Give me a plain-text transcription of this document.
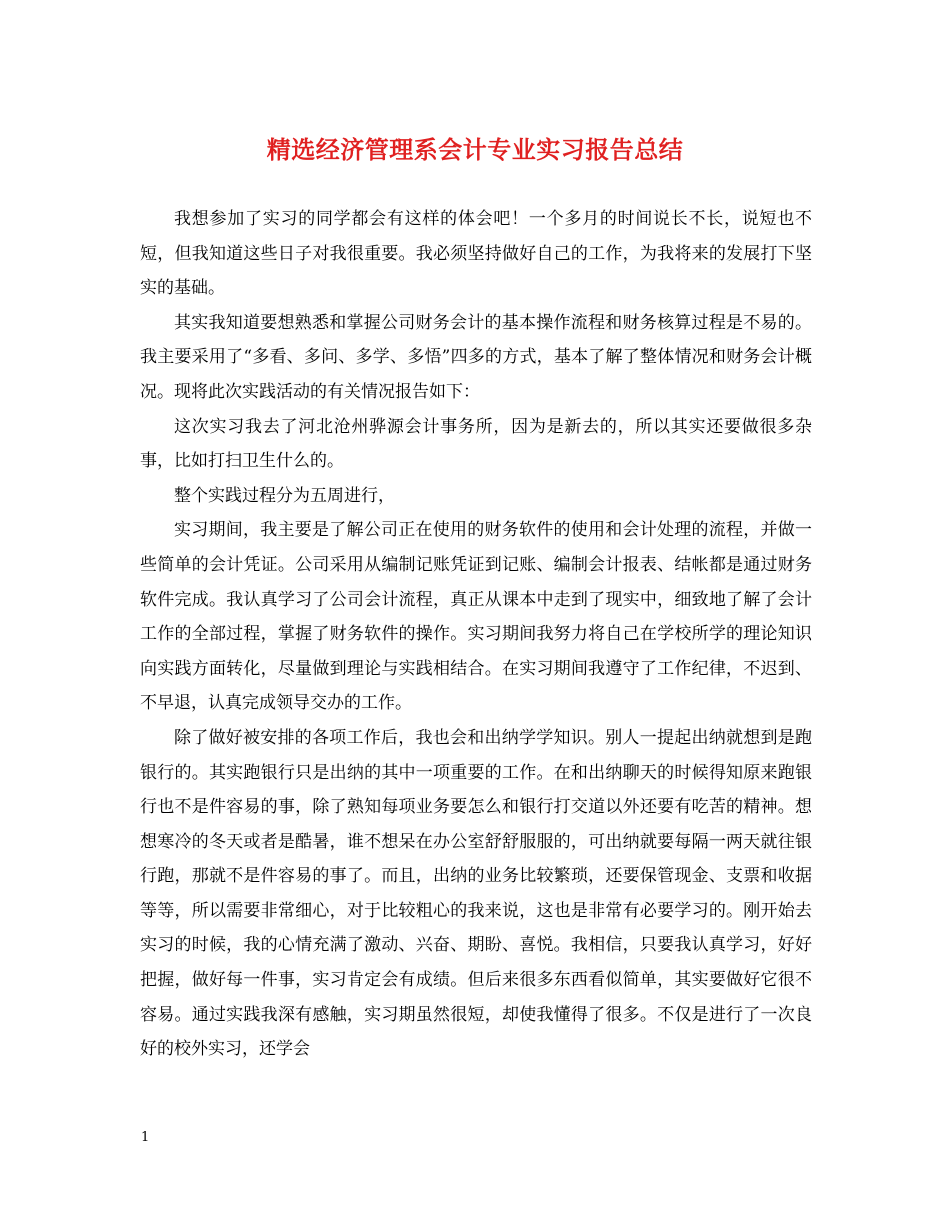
精选经济管理系会计专业实习报告总结

我想参加了实习的同学都会有这样的体会吧！一个多月的时间说长不长，说短也不短，但我知道这些日子对我很重要。我必须坚持做好自己的工作，为我将来的发展打下坚实的基础。

其实我知道要想熟悉和掌握公司财务会计的基本操作流程和财务核算过程是不易的。我主要采用了“多看、多问、多学、多悟”四多的方式，基本了解了整体情况和财务会计概况。现将此次实践活动的有关情况报告如下：

这次实习我去了河北沧州骅源会计事务所，因为是新去的，所以其实还要做很多杂事，比如打扫卫生什么的。

整个实践过程分为五周进行，

实习期间，我主要是了解公司正在使用的财务软件的使用和会计处理的流程，并做一些简单的会计凭证。公司采用从编制记账凭证到记账、编制会计报表、结帐都是通过财务软件完成。我认真学习了公司会计流程，真正从课本中走到了现实中，细致地了解了会计工作的全部过程，掌握了财务软件的操作。实习期间我努力将自己在学校所学的理论知识向实践方面转化，尽量做到理论与实践相结合。在实习期间我遵守了工作纪律，不迟到、不早退，认真完成领导交办的工作。

除了做好被安排的各项工作后，我也会和出纳学学知识。别人一提起出纳就想到是跑银行的。其实跑银行只是出纳的其中一项重要的工作。在和出纳聊天的时候得知原来跑银行也不是件容易的事，除了熟知每项业务要怎么和银行打交道以外还要有吃苦的精神。想想寒冷的冬天或者是酷暑，谁不想呆在办公室舒舒服服的，可出纳就要每隔一两天就往银行跑，那就不是件容易的事了。而且，出纳的业务比较繁琐，还要保管现金、支票和收据等等，所以需要非常细心，对于比较粗心的我来说，这也是非常有必要学习的。刚开始去实习的时候，我的心情充满了激动、兴奋、期盼、喜悦。我相信，只要我认真学习，好好把握，做好每一件事，实习肯定会有成绩。但后来很多东西看似简单，其实要做好它很不容易。通过实践我深有感触，实习期虽然很短，却使我懂得了很多。不仅是进行了一次良好的校外实习，还学会

1
